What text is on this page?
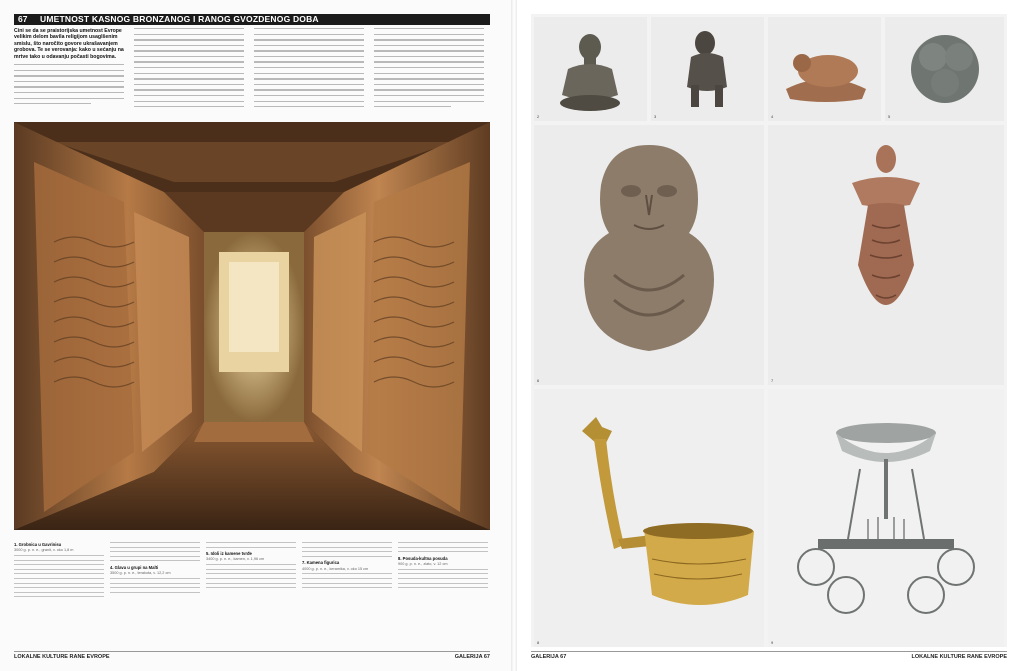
67 UMETNOST KASNOG BRONZANOG I RANOG GVOZDENOG DOBA
Čini se da se praistorijska umetnost Evrope velikim delom bavila religijom usaglšenim smislu, što naročito govore ukrašavanjem grobova. Te se verovanja: kako u sećanju na mrtve tako u odavanju počasti bogovima.
1. Grobnica u Gavrinisu
3000 g. p. n. e., granit, v. oko 1,8 m
4. Glava u grupi na Malti
3500 g. p. n. e., terakota, v. 12,2 cm
5. Idoli iz kamene tvrđe
3400 g. p. n. e., kamen, v. 1,96 cm
7. Kamena figurica
4000 g. p. n. e., keramika, v. oko 15 cm
8. Posuda-kultna posuda
900 g. p. n. e., zlato, v. 12 cm
LOKALNE KULTURE RANE EVROPE	GALERIJA 67
2	3	4	5
6	7
8	9
GALERIJA 67	LOKALNE KULTURE RANE EVROPE
